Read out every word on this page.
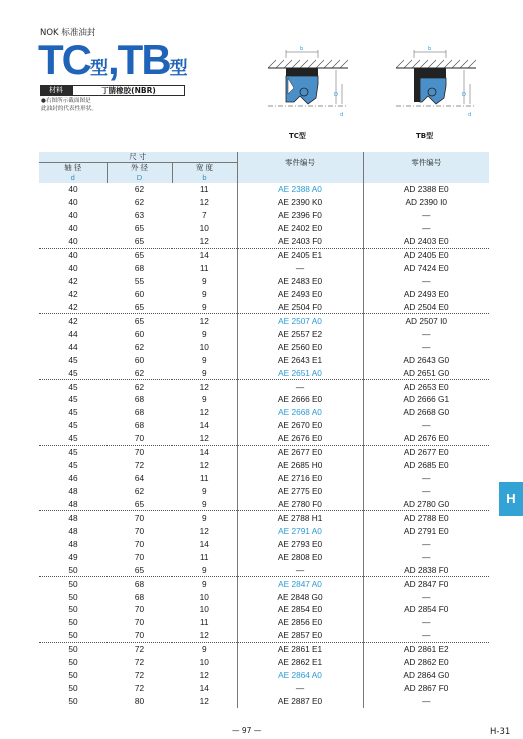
NOK 标准油封
TC型,TB型
材料	丁腈橡胶(NBR)
●右图所示截面图是
此油封的代表性形状。
b
D
d
TC型
b
D
d
TB型
尺 寸			零件编号	零件编号
轴 径	外 径	宽 度		
d	D	b		
40	62	11	AE 2388 A0	AD 2388 E0
40	62	12	AE 2390 K0	AD 2390 I0
40	63	7	AE 2396 F0	—
40	65	10	AE 2402 E0	—
40	65	12	AE 2403 F0	AD 2403 E0
40	65	14	AE 2405 E1	AD 2405 E0
40	68	11	—	AD 7424 E0
42	55	9	AE 2483 E0	—
42	60	9	AE 2493 E0	AD 2493 E0
42	65	9	AE 2504 F0	AD 2504 E0
42	65	12	AE 2507 A0	AD 2507 I0
44	60	9	AE 2557 E2	—
44	62	10	AE 2560 E0	—
45	60	9	AE 2643 E1	AD 2643 G0
45	62	9	AE 2651 A0	AD 2651 G0
45	62	12	—	AD 2653 E0
45	68	9	AE 2666 E0	AD 2666 G1
45	68	12	AE 2668 A0	AD 2668 G0
45	68	14	AE 2670 E0	—
45	70	12	AE 2676 E0	AD 2676 E0
45	70	14	AE 2677 E0	AD 2677 E0
45	72	12	AE 2685 H0	AD 2685 E0
46	64	11	AE 2716 E0	—
48	62	9	AE 2775 E0	—
48	65	9	AE 2780 F0	AD 2780 G0
48	70	9	AE 2788 H1	AD 2788 E0
48	70	12	AE 2791 A0	AD 2791 E0
48	70	14	AE 2793 E0	—
49	70	11	AE 2808 E0	—
50	65	9	—	AD 2838 F0
50	68	9	AE 2847 A0	AD 2847 F0
50	68	10	AE 2848 G0	—
50	70	10	AE 2854 E0	AD 2854 F0
50	70	11	AE 2856 E0	—
50	70	12	AE 2857 E0	—
50	72	9	AE 2861 E1	AD 2861 E2
50	72	10	AE 2862 E1	AD 2862 E0
50	72	12	AE 2864 A0	AD 2864 G0
50	72	14	—	AD 2867 F0
50	80	12	AE 2887 E0	—
H
— 97 —	H-31
